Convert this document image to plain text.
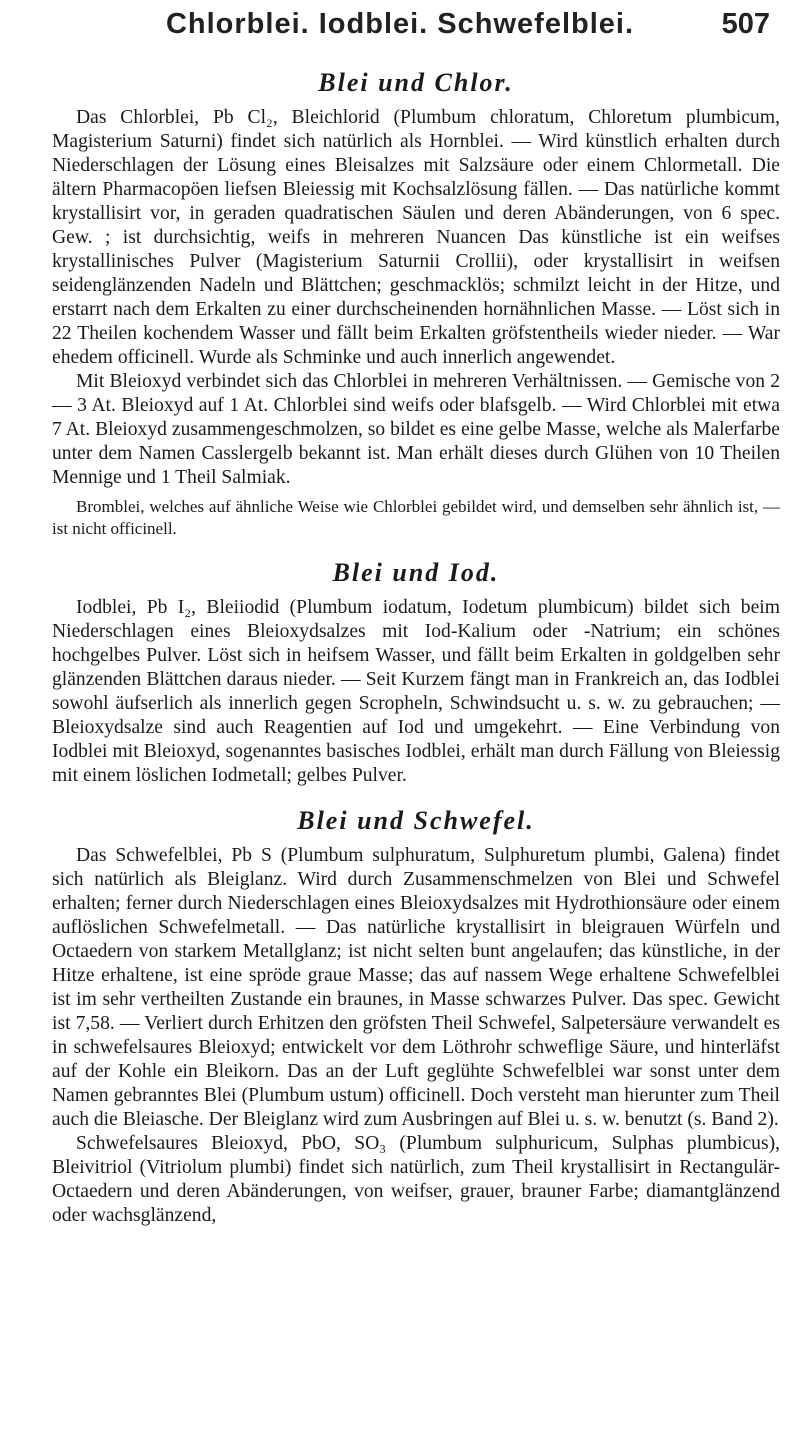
Chlorblei. Iodblei. Schwefelblei.	507
Blei und Chlor.

Das Chlorblei, Pb Cl₂, Bleichlorid (Plumbum chloratum, Chloretum plumbicum, Magisterium Saturni) findet sich natürlich als Hornblei. — Wird künstlich erhalten durch Niederschlagen der Lösung eines Bleisalzes mit Salzsäure oder einem Chlormetall. Die ältern Pharmacopöen liefsen Bleiessig mit Kochsalzlösung fällen. — Das natürliche kommt krystallisirt vor, in geraden quadratischen Säulen und deren Abänderungen, von 6 spec. Gew. ; ist durchsichtig, weifs in mehreren Nuancen Das künstliche ist ein weifses krystallinisches Pulver (Magisterium Saturnii Crollii), oder krystallisirt in weifsen seidenglänzenden Nadeln und Blättchen; geschmacklös; schmilzt leicht in der Hitze, und erstarrt nach dem Erkalten zu einer durchscheinenden hornähnlichen Masse. — Löst sich in 22 Theilen kochendem Wasser und fällt beim Erkalten gröfstentheils wieder nieder. — War ehedem officinell. Wurde als Schminke und auch innerlich angewendet.

Mit Bleioxyd verbindet sich das Chlorblei in mehreren Verhältnissen. — Gemische von 2 — 3 At. Bleioxyd auf 1 At. Chlorblei sind weifs oder blafsgelb. — Wird Chlorblei mit etwa 7 At. Bleioxyd zusammengeschmolzen, so bildet es eine gelbe Masse, welche als Malerfarbe unter dem Namen Casslergelb bekannt ist. Man erhält dieses durch Glühen von 10 Theilen Mennige und 1 Theil Salmiak.

Bromblei, welches auf ähnliche Weise wie Chlorblei gebildet wird, und demselben sehr ähnlich ist, — ist nicht officinell.

Blei und Iod.

Iodblei, Pb I₂, Bleiiodid (Plumbum iodatum, Iodetum plumbicum) bildet sich beim Niederschlagen eines Bleioxydsalzes mit Iod-Kalium oder -Natrium; ein schönes hochgelbes Pulver. Löst sich in heifsem Wasser, und fällt beim Erkalten in goldgelben sehr glänzenden Blättchen daraus nieder. — Seit Kurzem fängt man in Frankreich an, das Iodblei sowohl äufserlich als innerlich gegen Scropheln, Schwindsucht u. s. w. zu gebrauchen; — Bleioxydsalze sind auch Reagentien auf Iod und umgekehrt. — Eine Verbindung von Iodblei mit Bleioxyd, sogenanntes basisches Iodblei, erhält man durch Fällung von Bleiessig mit einem löslichen Iodmetall; gelbes Pulver.

Blei und Schwefel.

Das Schwefelblei, Pb S (Plumbum sulphuratum, Sulphuretum plumbi, Galena) findet sich natürlich als Bleiglanz. Wird durch Zusammenschmelzen von Blei und Schwefel erhalten; ferner durch Niederschlagen eines Bleioxydsalzes mit Hydrothionsäure oder einem auflöslichen Schwefelmetall. — Das natürliche krystallisirt in bleigrauen Würfeln und Octaedern von starkem Metallglanz; ist nicht selten bunt angelaufen; das künstliche, in der Hitze erhaltene, ist eine spröde graue Masse; das auf nassem Wege erhaltene Schwefelblei ist im sehr vertheilten Zustande ein braunes, in Masse schwarzes Pulver. Das spec. Gewicht ist 7,58. — Verliert durch Erhitzen den gröfsten Theil Schwefel, Salpetersäure verwandelt es in schwefelsaures Bleioxyd; entwickelt vor dem Löthrohr schweflige Säure, und hinterläfst auf der Kohle ein Bleikorn. Das an der Luft geglühte Schwefelblei war sonst unter dem Namen gebranntes Blei (Plumbum ustum) officinell. Doch versteht man hierunter zum Theil auch die Bleiasche. Der Bleiglanz wird zum Ausbringen auf Blei u. s. w. benutzt (s. Band 2).

Schwefelsaures Bleioxyd, PbO, SO₃ (Plumbum sulphuricum, Sulphas plumbicus), Bleivitriol (Vitriolum plumbi) findet sich natürlich, zum Theil krystallisirt in Rectangulär-Octaedern und deren Abänderungen, von weifser, grauer, brauner Farbe; diamantglänzend oder wachsglänzend,
